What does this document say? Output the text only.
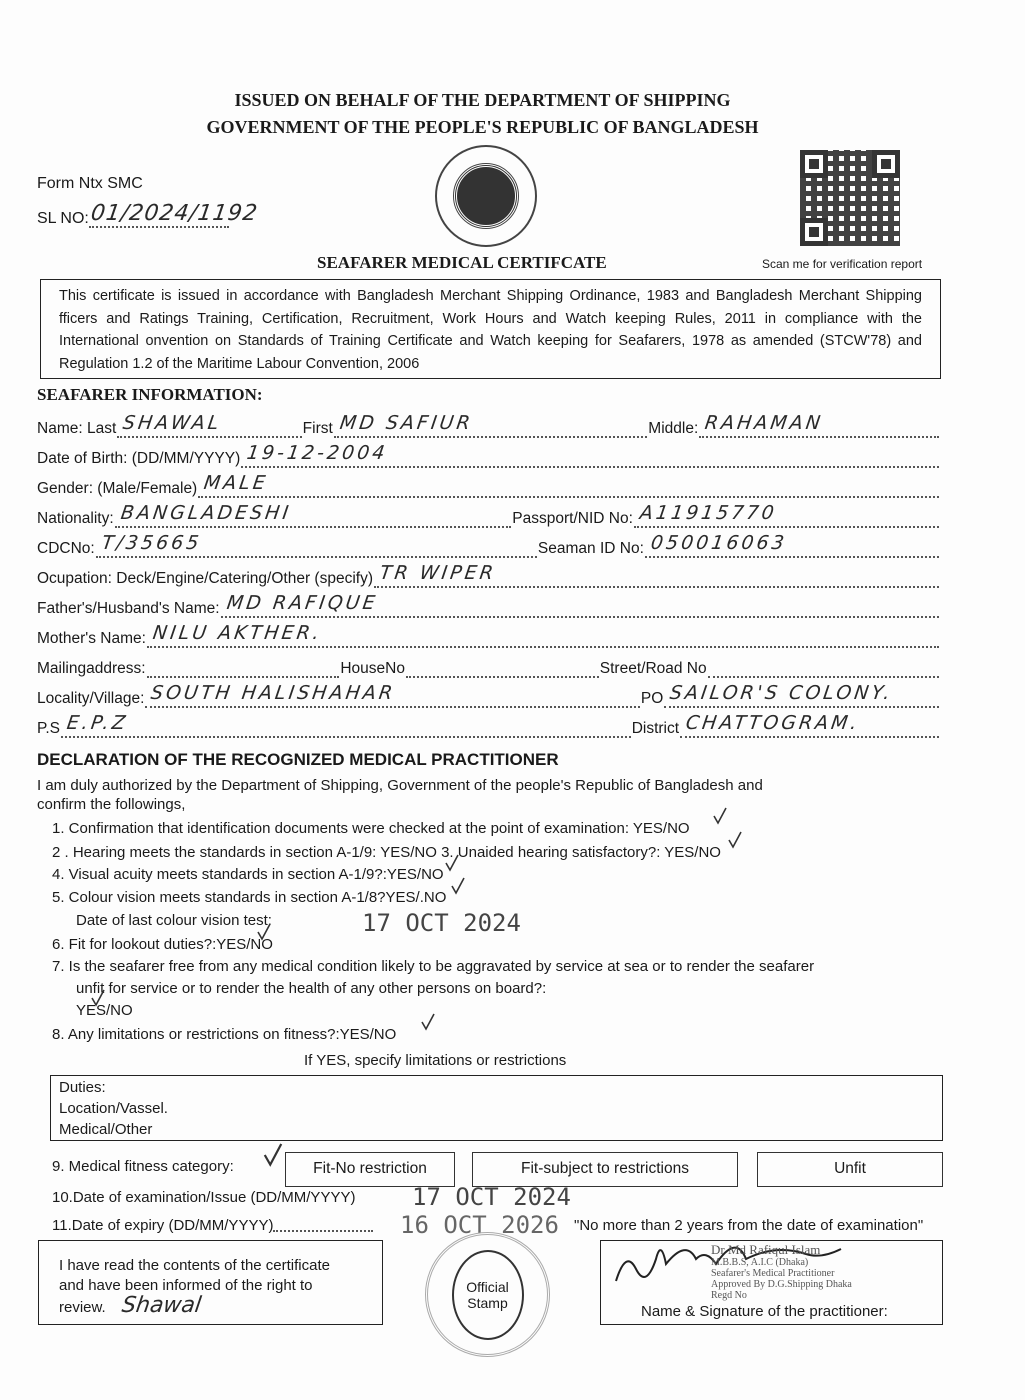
ISSUED ON BEHALF OF THE DEPARTMENT OF SHIPPING
GOVERNMENT OF THE PEOPLE'S REPUBLIC OF BANGLADESH
Form Ntx SMC
SL NO: 01/2024/1192
Scan me for verification report
SEAFARER MEDICAL CERTIFCATE
This certificate is issued in accordance with Bangladesh Merchant Shipping Ordinance, 1983 and Bangladesh Merchant Shipping fficers and Ratings Training, Certification, Recruitment, Work Hours and Watch keeping Rules, 2011 in compliance with the International onvention on Standards of Training Certificate and Watch keeping for Seafarers, 1978 as amended (STCW'78) and Regulation 1.2 of the Maritime Labour Convention, 2006
SEAFARER INFORMATION:
Name: Last SHAWAL	First MD SAFIUR	Middle: RAHAMAN
Date of Birth: (DD/MM/YYYY) 19-12-2004
Gender: (Male/Female) MALE
Nationality: BANGLADESHI	Passport/NID No: A11915770
CDCNo: T/35665	Seaman ID No: 050016063
Ocupation: Deck/Engine/Catering/Other (specify) TR WIPER
Father's/Husband's Name: MD RAFIQUE
Mother's Name: NILU AKTHER.
Mailingaddress:	HouseNo	Street/Road No
Locality/Village: SOUTH HALISHAHAR	PO SAILOR'S COLONY.
P.S E.P.Z	District CHATTOGRAM.
DECLARATION OF THE RECOGNIZED MEDICAL PRACTITIONER
I am duly authorized by the Department of Shipping, Government of the people's Republic of Bangladesh and
confirm the followings,
1. Confirmation that identification documents were checked at the point of examination: YES/NO
2 . Hearing meets the standards in section A-1/9: YES/NO 3. Unaided hearing satisfactory?: YES/NO
4. Visual acuity meets standards in section A-1/9?:YES/NO
5. Colour vision meets standards in section A-1/8?YES/.NO
Date of last colour vision test:	17 OCT 2024
6. Fit for lookout duties?:YES/NO
7. Is the seafarer free from any medical condition likely to be aggravated by service at sea or to render the seafarer
unfit for service or to render the health of any other persons on board?:
YES/NO
8. Any limitations or restrictions on fitness?:YES/NO
If YES, specify limitations or restrictions
Duties:
Location/Vassel.
Medical/Other
9. Medical fitness category:	Fit-No restriction	Fit-subject to restrictions	Unfit
10.Date of examination/Issue (DD/MM/YYYY) 17 OCT 2024
11.Date of expiry (DD/MM/YYYY)	16 OCT 2026 "No more than 2 years from the date of examination"
I have read the contents of the certificate
and have been informed of the right to
review. Shawal
Official Stamp
Dr Md Rafiqul Islam
M.B.B.S, A.I.C (Dhaka)
Seafarer's Medical Practitioner
Approved By D.G.Shipping Dhaka
Regd No
Name & Signature of the practitioner:
